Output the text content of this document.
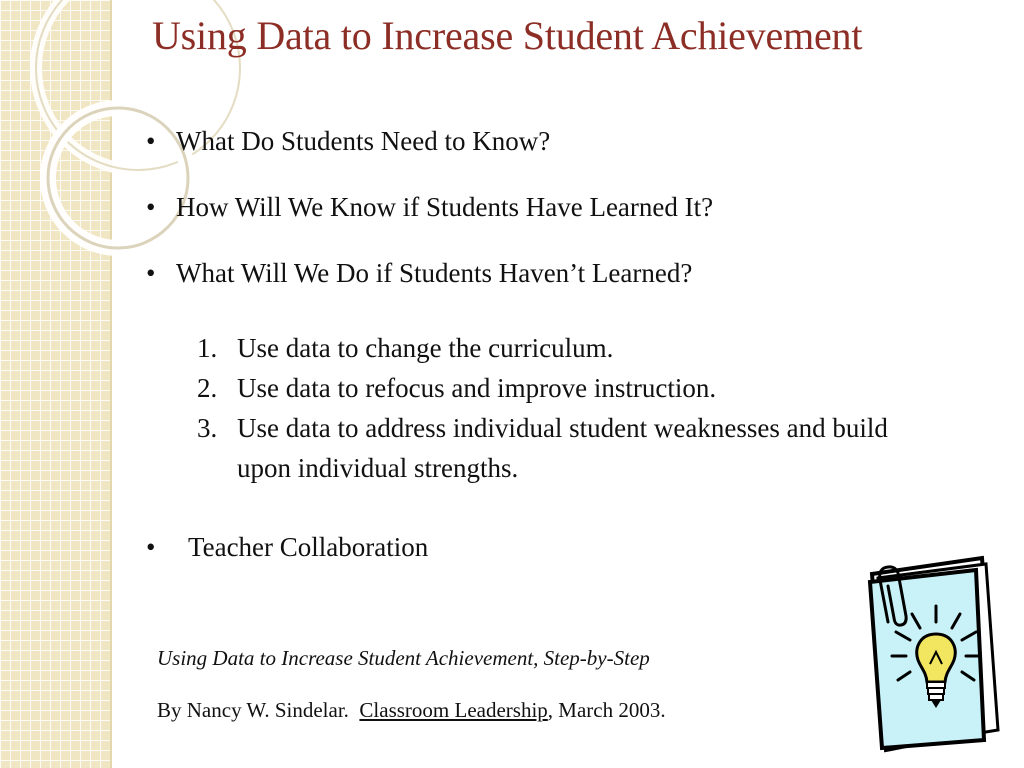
Using Data to Increase Student Achievement
• What Do Students Need to Know?
• How Will We Know if Students Have Learned It?
• What Will We Do if Students Haven’t Learned?
1. Use data to change the curriculum.
2. Use data to refocus and improve instruction.
3. Use data to address individual student weaknesses and build upon individual strengths.
• Teacher Collaboration
Using Data to Increase Student Achievement, Step-by-Step
By Nancy W. Sindelar. Classroom Leadership, March 2003.
